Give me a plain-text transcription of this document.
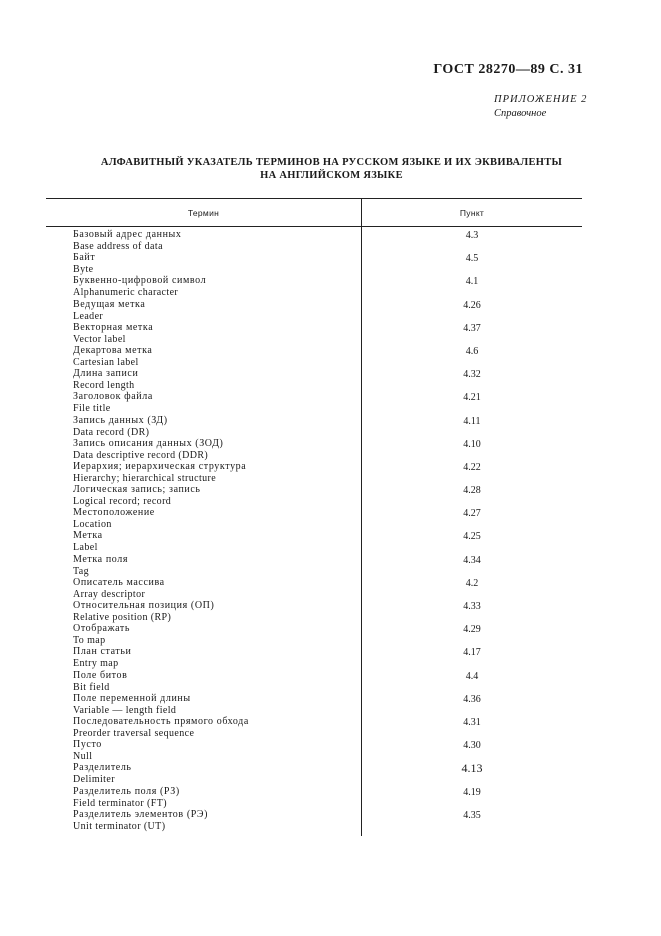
ГОСТ 28270—89 С. 31
ПРИЛОЖЕНИЕ 2
Справочное
АЛФАВИТНЫЙ УКАЗАТЕЛЬ ТЕРМИНОВ НА РУССКОМ ЯЗЫКЕ И ИХ ЭКВИВАЛЕНТЫ
НА АНГЛИЙСКОМ ЯЗЫКЕ
Термин	Пункт
Базовый адрес данных
Base address of data
4.3
Байт
Byte
4.5
Буквенно-цифровой символ
Alphanumeric character
4.1
Ведущая метка
Leader
4.26
Векторная метка
Vector label
4.37
Декартова метка
Cartesian label
4.6
Длина записи
Record length
4.32
Заголовок файла
File title
4.21
Запись данных (ЗД)
Data record (DR)
4.11
Запись описания данных (ЗОД)
Data descriptive record (DDR)
4.10
Иерархия; иерархическая структура
Hierarchy; hierarchical structure
4.22
Логическая запись; запись
Logical record; record
4.28
Местоположение
Location
4.27
Метка
Label
4.25
Метка поля
Tag
4.34
Описатель массива
Array descriptor
4.2
Относительная позиция (ОП)
Relative position (RP)
4.33
Отображать
To map
4.29
План статьи
Entry map
4.17
Поле битов
Bit field
4.4
Поле переменной длины
Variable — length field
4.36
Последовательность прямого обхода
Preorder traversal sequence
4.31
Пусто
Null
4.30
Разделитель
Delimiter
4.13
Разделитель поля (РЗ)
Field terminator (FT)
4.19
Разделитель элементов (РЭ)
Unit terminator (UT)
4.35
